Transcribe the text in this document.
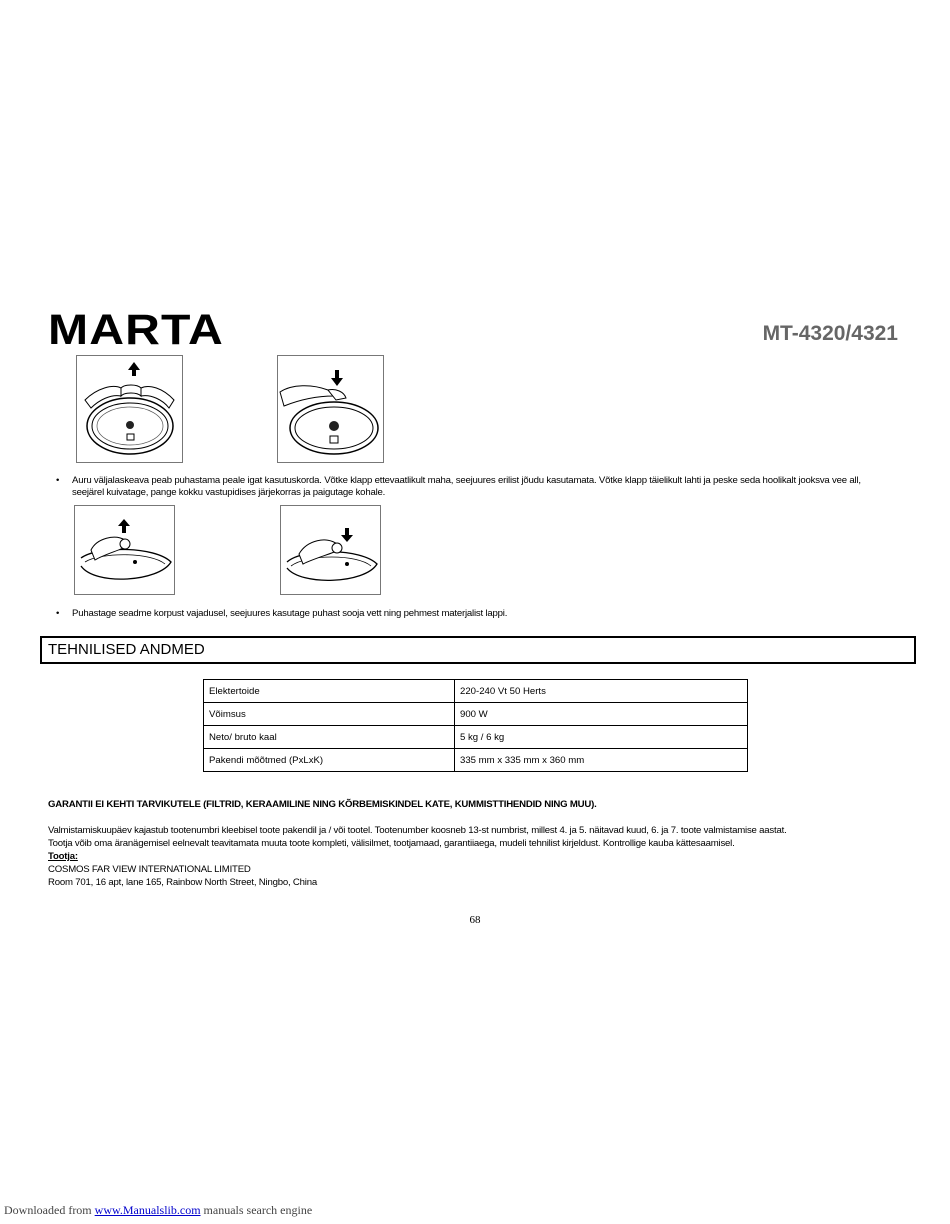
MARTA	MT-4320/4321
• Auru väljalaskeava peab puhastama peale igat kasutuskorda. Võtke klapp ettevaatlikult maha, seejuures erilist jõudu kasutamata. Võtke klapp täielikult lahti ja peske seda hoolikalt jooksva vee all,
seejärel kuivatage, pange kokku vastupidises järjekorras ja paigutage kohale.
• Puhastage seadme korpust vajadusel, seejuures kasutage puhast sooja vett ning pehmest materjalist lappi.
TEHNILISED ANDMED
Elektertoide	220-240 Vt 50 Herts
Võimsus	900 W
Neto/ bruto kaal	5 kg / 6 kg
Pakendi mõõtmed (PxLxK)	335 mm x 335 mm x 360 mm
GARANTII EI KEHTI TARVIKUTELE (FILTRID, KERAAMILINE NING KÕRBEMISKINDEL KATE, KUMMISTTIHENDID NING MUU).
Valmistamiskuupäev kajastub tootenumbri kleebisel toote pakendil ja / või tootel. Tootenumber koosneb 13-st numbrist, millest 4. ja 5. näitavad kuud, 6. ja 7. toote valmistamise aastat.
Tootja võib oma äranägemisel eelnevalt teavitamata muuta toote kompleti, välisilmet, tootjamaad, garantiiaega, mudeli tehnilist kirjeldust. Kontrollige kauba kättesaamisel.
Tootja:
COSMOS FAR VIEW INTERNATIONAL LIMITED
Room 701, 16 apt, lane 165, Rainbow North Street, Ningbo, China
68
Downloaded from www.Manualslib.com manuals search engine
